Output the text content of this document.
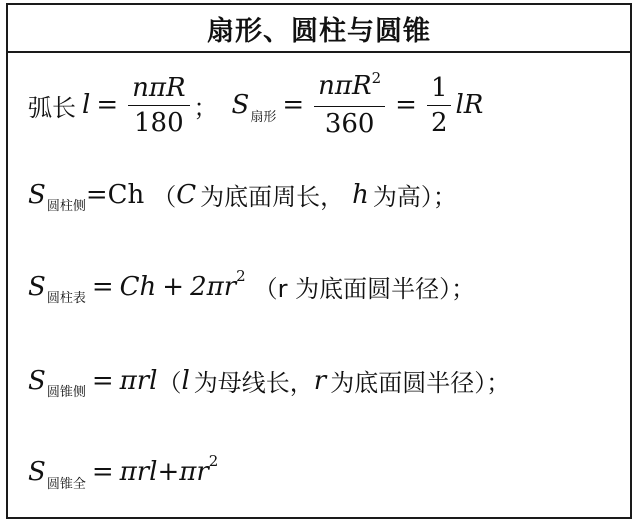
扇形、圆柱与圆锥
弧长 $l = \frac{\text{nπR}}{180}$ ； S 扇形 = $\frac{n\pi R^2}{360} = \frac{1}{2}$ lR
S 圆柱侧 =Ch （ C 为底面周长， h 为高）；
S 圆柱表 = Ch + 2πr 2 （r 为底面圆半径）；
S 圆锥侧 = πrl （ l 为母线长， r 为底面圆半径）；
S 圆锥全 = πrl+πr 2
